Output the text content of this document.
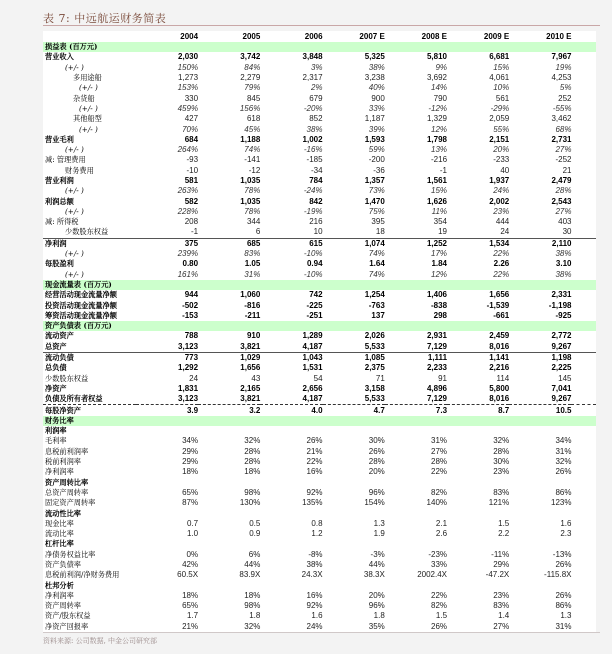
表 7: 中远航运财务简表
	2004	2005	2006	2007 E	2008 E	2009 E	2010 E	
损益表 (百万元)								
营业收入	2,030	3,742	3,848	5,325	5,810	6,681	7,967	
(+/- )	150%	84%	3%	38%	9%	15%	19%	
多用途船	1,273	2,279	2,317	3,238	3,692	4,061	4,253	
(+/- )	153%	79%	2%	40%	14%	10%	5%	
杂货船	330	845	679	900	790	561	252	
(+/- )	459%	156%	-20%	33%	-12%	-29%	-55%	
其他船型	427	618	852	1,187	1,329	2,059	3,462	
(+/- )	70%	45%	38%	39%	12%	55%	68%	
营业毛利	684	1,188	1,002	1,593	1,798	2,151	2,731	
(+/- )	264%	74%	-16%	59%	13%	20%	27%	
减: 管理费用	-93	-141	-185	-200	-216	-233	-252	
财务费用	-10	-12	-34	-36	-1	40	21	
营业利润	581	1,035	784	1,357	1,561	1,937	2,479	
(+/- )	263%	78%	-24%	73%	15%	24%	28%	
利润总额	582	1,035	842	1,470	1,626	2,002	2,543	
(+/- )	228%	78%	-19%	75%	11%	23%	27%	
减: 所得税	208	344	216	395	354	444	403	
少数股东权益	-1	6	10	18	19	24	30	
净利润	375	685	615	1,074	1,252	1,534	2,110	
(+/- )	239%	83%	-10%	74%	17%	22%	38%	
每股盈利	0.80	1.05	0.94	1.64	1.84	2.26	3.10	
(+/- )	161%	31%	-10%	74%	12%	22%	38%	
现金流量表 (百万元)								
经营活动现金流量净额	944	1,060	742	1,254	1,406	1,656	2,331	
投资活动现金流量净额	-502	-816	-225	-763	-838	-1,539	-1,198	
筹资活动现金流量净额	-153	-211	-251	137	298	-661	-925	
资产负债表 (百万元)								
流动资产	788	910	1,289	2,026	2,931	2,459	2,772	
总资产	3,123	3,821	4,187	5,533	7,129	8,016	9,267	
流动负债	773	1,029	1,043	1,085	1,111	1,141	1,198	
总负债	1,292	1,656	1,531	2,375	2,233	2,216	2,225	
少数股东权益	24	43	54	71	91	114	145	
净资产	1,831	2,165	2,656	3,158	4,896	5,800	7,041	
负债及所有者权益	3,123	3,821	4,187	5,533	7,129	8,016	9,267	
每股净资产	3.9	3.2	4.0	4.7	7.3	8.7	10.5	
财务比率								
利润率								
毛利率	34%	32%	26%	30%	31%	32%	34%	
息税前利润率	29%	28%	21%	26%	27%	28%	31%	
税前利润率	29%	28%	22%	28%	28%	30%	32%	
净利润率	18%	18%	16%	20%	22%	23%	26%	
资产周转比率								
总资产周转率	65%	98%	92%	96%	82%	83%	86%	
固定资产周转率	87%	130%	135%	154%	140%	121%	123%	
流动性比率								
现金比率	0.7	0.5	0.8	1.3	2.1	1.5	1.6	
流动比率	1.0	0.9	1.2	1.9	2.6	2.2	2.3	
杠杆比率								
净债务权益比率	0%	6%	-8%	-3%	-23%	-11%	-13%	
资产负债率	42%	44%	38%	44%	33%	29%	26%	
息税前利润/净财务费用	60.5X	83.9X	24.3X	38.3X	2002.4X	-47.2X	-115.8X	
杜邦分析								
净利润率	18%	18%	16%	20%	22%	23%	26%	
资产周转率	65%	98%	92%	96%	82%	83%	86%	
资产/股东权益	1.7	1.8	1.6	1.8	1.5	1.4	1.3	
净资产回报率	21%	32%	24%	35%	26%	27%	31%	
资料来源: 公司数据, 中金公司研究部
